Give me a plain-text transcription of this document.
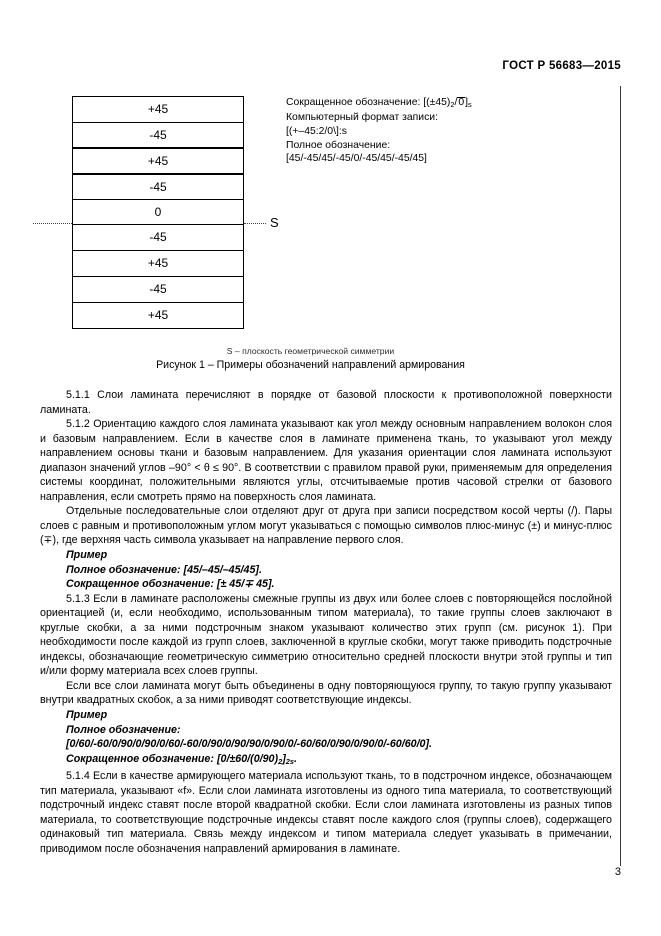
ГОСТ Р 56683—2015
+45
-45
+45
-45
0
-45
+45
-45
+45
S
Сокращенное обозначение: $[(\pm 45)_2/0]_s$
Компьютерный формат записи:
[(+–45:2/0\]:s
Полное обозначение:
[45/-45/45/-45/0/-45/45/-45/45]
S – плоскость геометрической симметрии
Рисунок 1 – Примеры обозначений направлений армирования

5.1.1 Слои ламината перечисляют в порядке от базовой плоскости к противоположной поверхности ламината.

5.1.2 Ориентацию каждого слоя ламината указывают как угол между основным направлением волокон слоя и базовым направлением. Если в качестве слоя в ламинате применена ткань, то указывают угол между направлением основы ткани и базовым направлением. Для указания ориентации слоя ламината используют диапазон значений углов –90° < θ ≤ 90°. В соответствии с правилом правой руки, применяемым для определения системы координат, положительными являются углы, отсчитываемые против часовой стрелки от базового направления, если смотреть прямо на поверхность слоя ламината.

Отдельные последовательные слои отделяют друг от друга при записи посредством косой черты (/). Пары слоев с равным и противоположным углом могут указываться с помощью символов плюс-минус (±) и минус-плюс (∓), где верхняя часть символа указывает на направление первого слоя.

Пример

Полное обозначение: [45/–45/–45/45].

Сокращенное обозначение: [± 45/∓ 45].

5.1.3 Если в ламинате расположены смежные группы из двух или более слоев с повторяющейся послойной ориентацией (и, если необходимо, использованным типом материала), то такие группы слоев заключают в круглые скобки, а за ними подстрочным знаком указывают количество этих групп (см. рисунок 1). При необходимости после каждой из групп слоев, заключенной в круглые скобки, могут также приводить подстрочные индексы, обозначающие геометрическую симметрию относительно средней плоскости внутри этой группы и тип и/или форму материала всех слоев группы.

Если все слои ламината могут быть объединены в одну повторяющуюся группу, то такую группу указывают внутри квадратных скобок, а за ними приводят соответствующие индексы.

Пример

Полное обозначение:

[0/60/-60/0/90/0/90/0/60/-60/0/90/0/90/90/0/90/0/-60/60/0/90/0/90/0/-60/60/0].

Сокращенное обозначение: $[0/\pm 60/(0/90)_2]_{2s}$.

5.1.4 Если в качестве армирующего материала используют ткань, то в подстрочном индексе, обозначающем тип материала, указывают «f». Если слои ламината изготовлены из одного типа материала, то соответствующий подстрочный индекс ставят после второй квадратной скобки. Если слои ламината изготовлены из разных типов материала, то соответствующие подстрочные индексы ставят после каждого слоя (группы слоев), содержащего одинаковый тип материала. Связь между индексом и типом материала следует указывать в примечании, приводимом после обозначения направлений армирования в ламинате.

3
